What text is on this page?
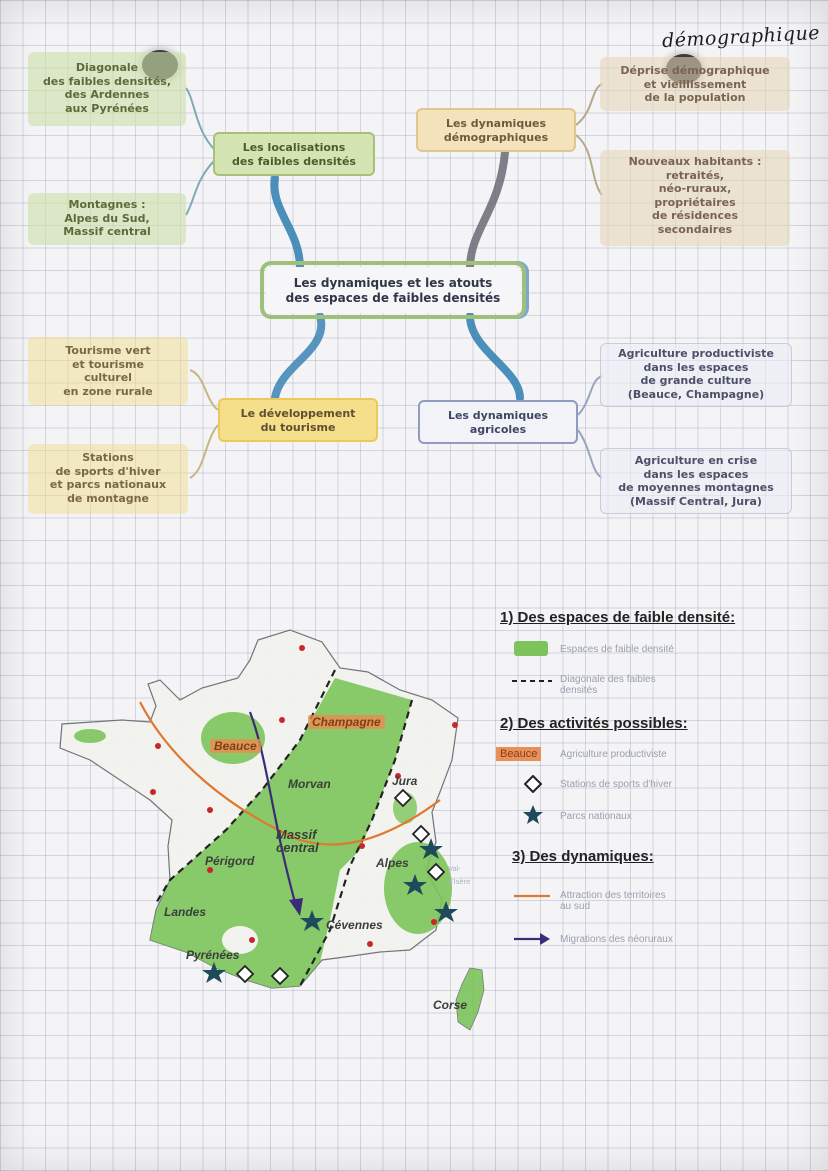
démographique
Les dynamiques et les atouts
des espaces de faibles densités
Les localisations
des faibles densités
Les dynamiques
démographiques
Le développement
du tourisme
Les dynamiques
agricoles
Diagonale
des faibles densités,
des Ardennes
aux Pyrénées
Montagnes :
Alpes du Sud,
Massif central
Déprise démographique
et vieillissement
de la population
Nouveaux habitants :
retraités,
néo-ruraux,
propriétaires
de résidences
secondaires
Tourisme vert
et tourisme
culturel
en zone rurale
Stations
de sports d'hiver
et parcs nationaux
de montagne
Agriculture productiviste
dans les espaces
de grande culture
(Beauce, Champagne)
Agriculture en crise
dans les espaces
de moyennes montagnes
(Massif Central, Jura)
Champagne
Beauce
Morvan	Jura
Massif
central
Périgord	Alpes	Val-
d'Isère
Landes
Cévennes
Pyrénées
Corse
1) Des espaces de faible densité:
Espaces de faible densité
Diagonale des faibles
densités
2) Des activités possibles:
Beauce	Agriculture productiviste
Stations de sports d'hiver
Parcs nationaux
3) Des dynamiques:
Attraction des territoires
au sud
Migrations des néoruraux
